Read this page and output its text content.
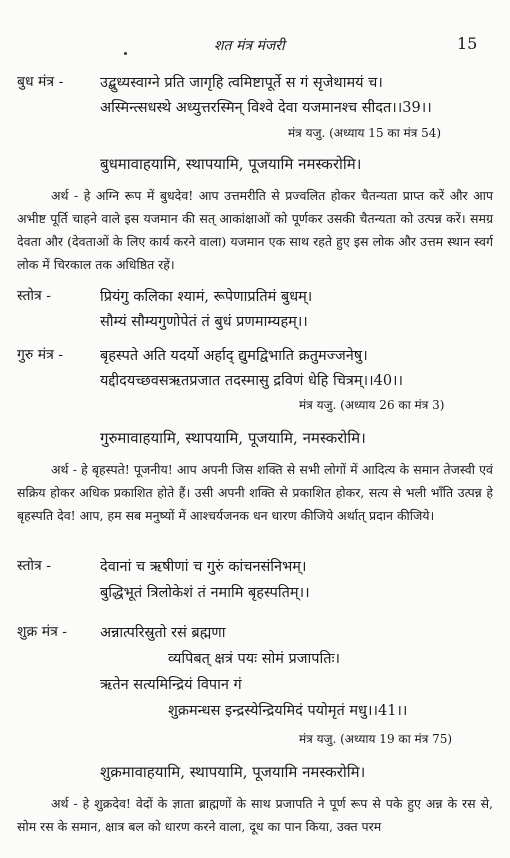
शत मंत्र मंजरी	15
बुध मंत्र -	उद्बुध्यस्वाग्ने प्रति जागृहि त्वमिष्टापूर्ते स गं सृजेथामयं च।
अस्मिन्त्सधस्थे अध्युत्तरस्मिन् विश्वे देवा यजमानश्च सीदत।।39।।
मंत्र यजु. (अध्याय 15 का मंत्र 54)
बुधमावाहयामि, स्थापयामि, पूजयामि नमस्करोमि।
अर्थ - हे अग्नि रूप में बुधदेव! आप उत्तमरीति से प्रज्वलित होकर चैतन्यता प्राप्त करें और आप अभीष्ट पूर्ति चाहने वाले इस यजमान की सत् आकांक्षाओं को पूर्णकर उसकी चैतन्यता को उत्पन्न करें। समग्र देवता और (देवताओं के लिए कार्य करने वाला) यजमान एक साथ रहते हुए इस लोक और उत्तम स्थान स्वर्ग लोक में चिरकाल तक अधिष्ठित रहें।
स्तोत्र -	प्रियंगु कलिका श्यामं, रूपेणाप्रतिमं बुधम्।
सौम्यं सौम्यगुणोपेतं तं बुधं प्रणमाम्यहम्।।
गुरु मंत्र -	बृहस्पते अति यदर्यो अर्हाद् द्युमद्विभाति क्रतुमज्जनेषु।
यद्दीदयच्छवसऋतप्रजात तदस्मासु द्रविणं धेहि चित्रम्।।40।।
मंत्र यजु. (अध्याय 26 का मंत्र 3)
गुरुमावाहयामि, स्थापयामि, पूजयामि, नमस्करोमि।
अर्थ - हे बृहस्पते! पूजनीय! आप अपनी जिस शक्ति से सभी लोगों में आदित्य के समान तेजस्वी एवं सक्रिय होकर अधिक प्रकाशित होते हैं। उसी अपनी शक्ति से प्रकाशित होकर, सत्य से भली भाँति उत्पन्न हे बृहस्पति देव! आप, हम सब मनुष्यों में आश्चर्यजनक धन धारण कीजिये अर्थात् प्रदान कीजिये।
स्तोत्र -	देवानां च ऋषीणां च गुरुं कांचनसंनिभम्।
बुद्धिभूतं त्रिलोकेशं तं नमामि बृहस्पतिम्।।
शुक्र मंत्र - अन्नात्परिस्रुतो रसं ब्रह्मणा
व्यपिबत् क्षत्रं पयः सोमं प्रजापतिः।
ऋतेन सत्यमिन्द्रियं विपान गं
शुक्रमन्धस इन्द्रस्येन्द्रियमिदं पयोमृतं मधु।।41।।
मंत्र यजु. (अध्याय 19 का मंत्र 75)
शुक्रमावाहयामि, स्थापयामि, पूजयामि नमस्करोमि।
अर्थ - हे शुक्रदेव! वेदों के ज्ञाता ब्राह्मणों के साथ प्रजापति ने पूर्ण रूप से पके हुए अन्न के रस से, सोम रस के समान, क्षात्र बल को धारण करने वाला, दूध का पान किया, उक्त परम
